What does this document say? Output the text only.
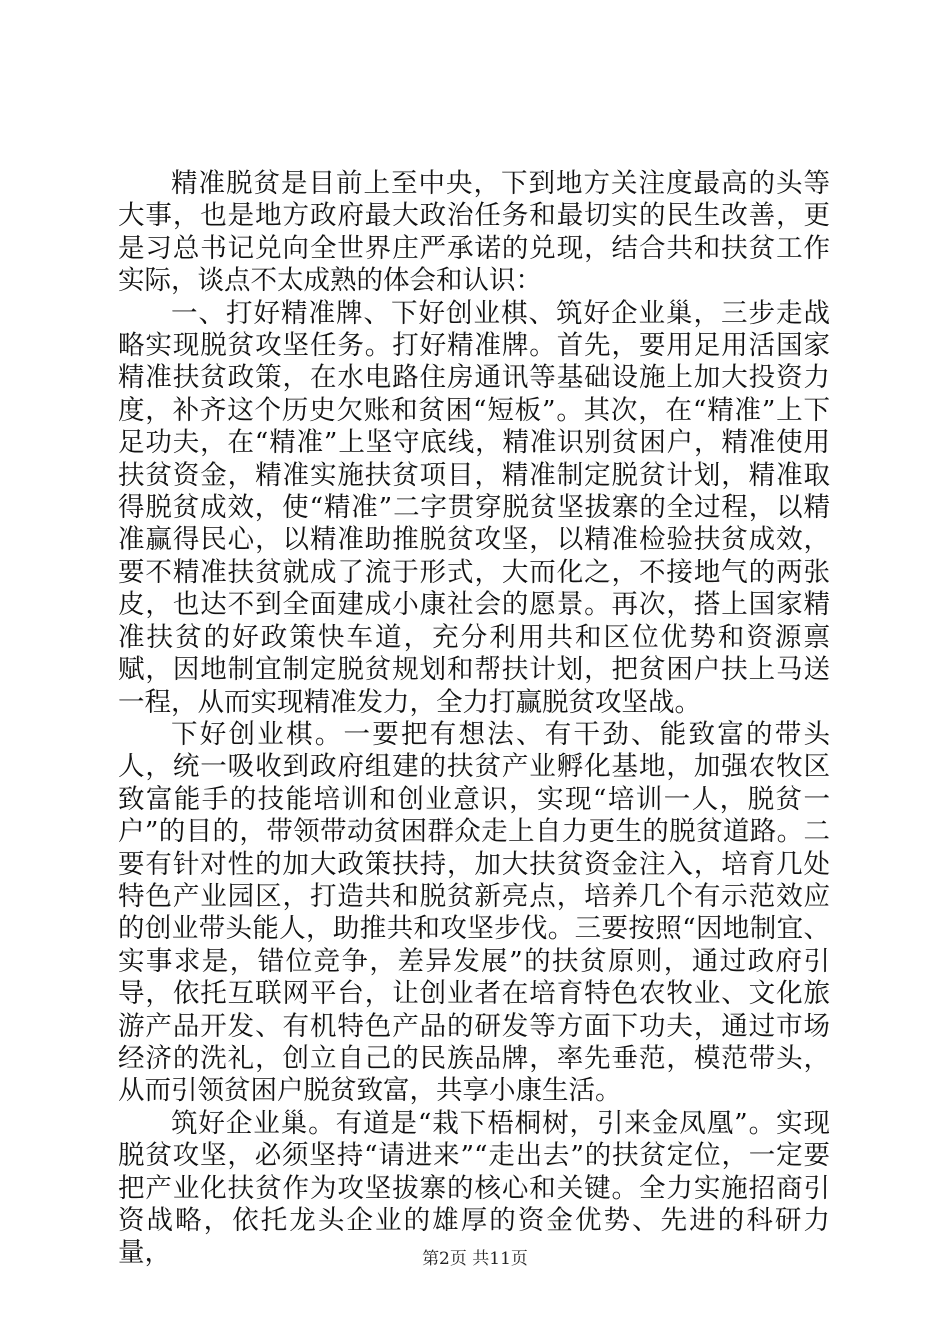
精准脱贫是目前上至中央，下到地方关注度最高的头等大事，也是地方政府最大政治任务和最切实的民生改善，更是习总书记兑向全世界庄严承诺的兑现，结合共和扶贫工作实际，谈点不太成熟的体会和认识：

一、打好精准牌、下好创业棋、筑好企业巢，三步走战略实现脱贫攻坚任务。打好精准牌。首先，要用足用活国家精准扶贫政策，在水电路住房通讯等基础设施上加大投资力度，补齐这个历史欠账和贫困“短板”。其次，在“精准”上下足功夫，在“精准”上坚守底线，精准识别贫困户，精准使用扶贫资金，精准实施扶贫项目，精准制定脱贫计划，精准取得脱贫成效，使“精准”二字贯穿脱贫坚拔寨的全过程，以精准赢得民心，以精准助推脱贫攻坚，以精准检验扶贫成效，要不精准扶贫就成了流于形式，大而化之，不接地气的两张皮，也达不到全面建成小康社会的愿景。再次，搭上国家精准扶贫的好政策快车道，充分利用共和区位优势和资源禀赋，因地制宜制定脱贫规划和帮扶计划，把贫困户扶上马送一程，从而实现精准发力，全力打赢脱贫攻坚战。

下好创业棋。一要把有想法、有干劲、能致富的带头人，统一吸收到政府组建的扶贫产业孵化基地，加强农牧区致富能手的技能培训和创业意识，实现“培训一人，脱贫一户”的目的，带领带动贫困群众走上自力更生的脱贫道路。二要有针对性的加大政策扶持，加大扶贫资金注入，培育几处特色产业园区，打造共和脱贫新亮点，培养几个有示范效应的创业带头能人，助推共和攻坚步伐。三要按照“因地制宜、实事求是，错位竞争，差异发展”的扶贫原则，通过政府引导，依托互联网平台，让创业者在培育特色农牧业、文化旅游产品开发、有机特色产品的研发等方面下功夫，通过市场经济的洗礼，创立自己的民族品牌，率先垂范，模范带头，从而引领贫困户脱贫致富，共享小康生活。

筑好企业巢。有道是“栽下梧桐树，引来金凤凰”。实现脱贫攻坚，必须坚持“请进来”“走出去”的扶贫定位，一定要把产业化扶贫作为攻坚拔寨的核心和关键。全力实施招商引资战略，依托龙头企业的雄厚的资金优势、先进的科研力量，	第2页 共11页
